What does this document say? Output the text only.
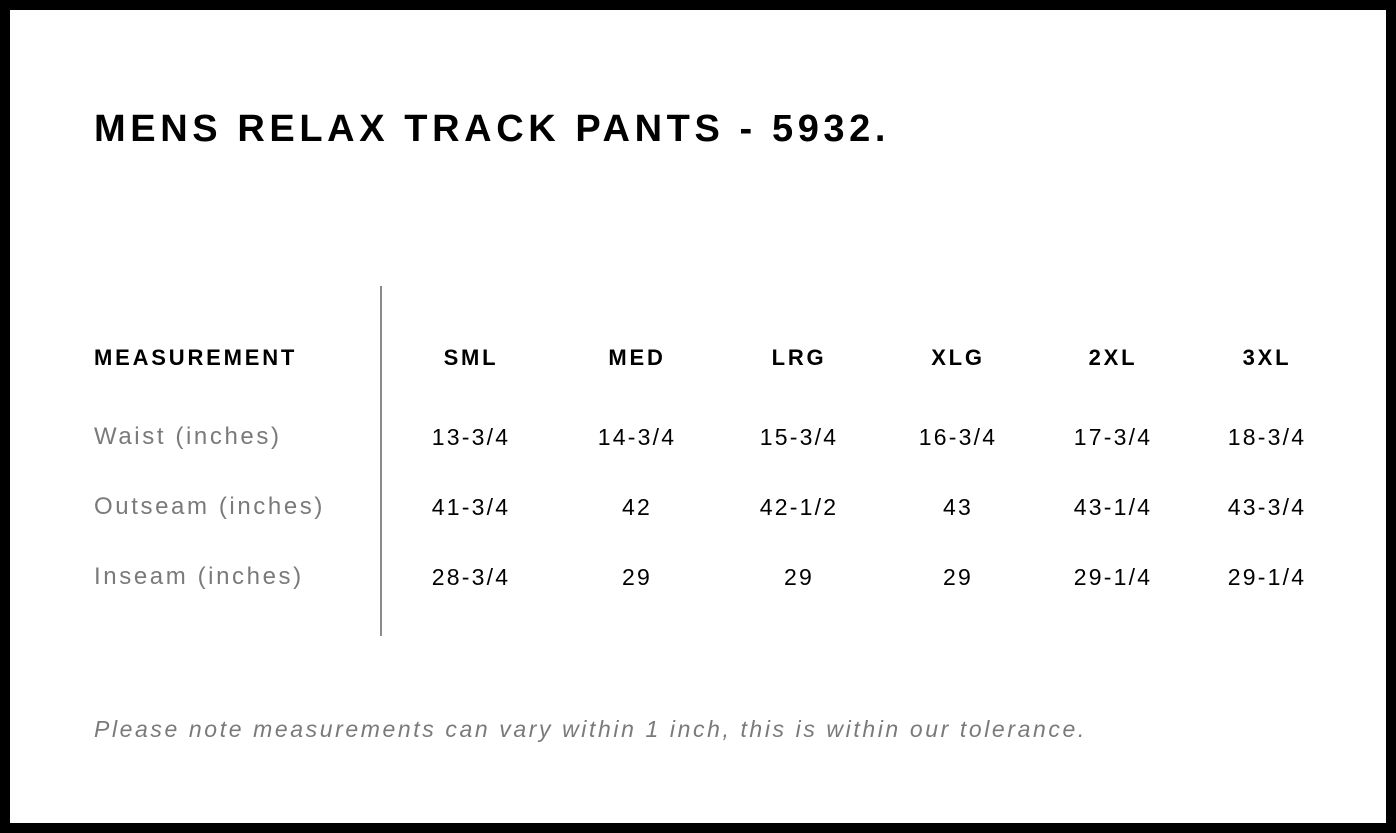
MENS RELAX TRACK PANTS - 5932.
MEASUREMENT	SML	MED	LRG	XLG	2XL	3XL
Waist (inches)	13-3/4	14-3/4	15-3/4	16-3/4	17-3/4	18-3/4
Outseam (inches)	41-3/4	42	42-1/2	43	43-1/4	43-3/4
Inseam (inches)	28-3/4	29	29	29	29-1/4	29-1/4

Please note measurements can vary within 1 inch, this is within our tolerance.
